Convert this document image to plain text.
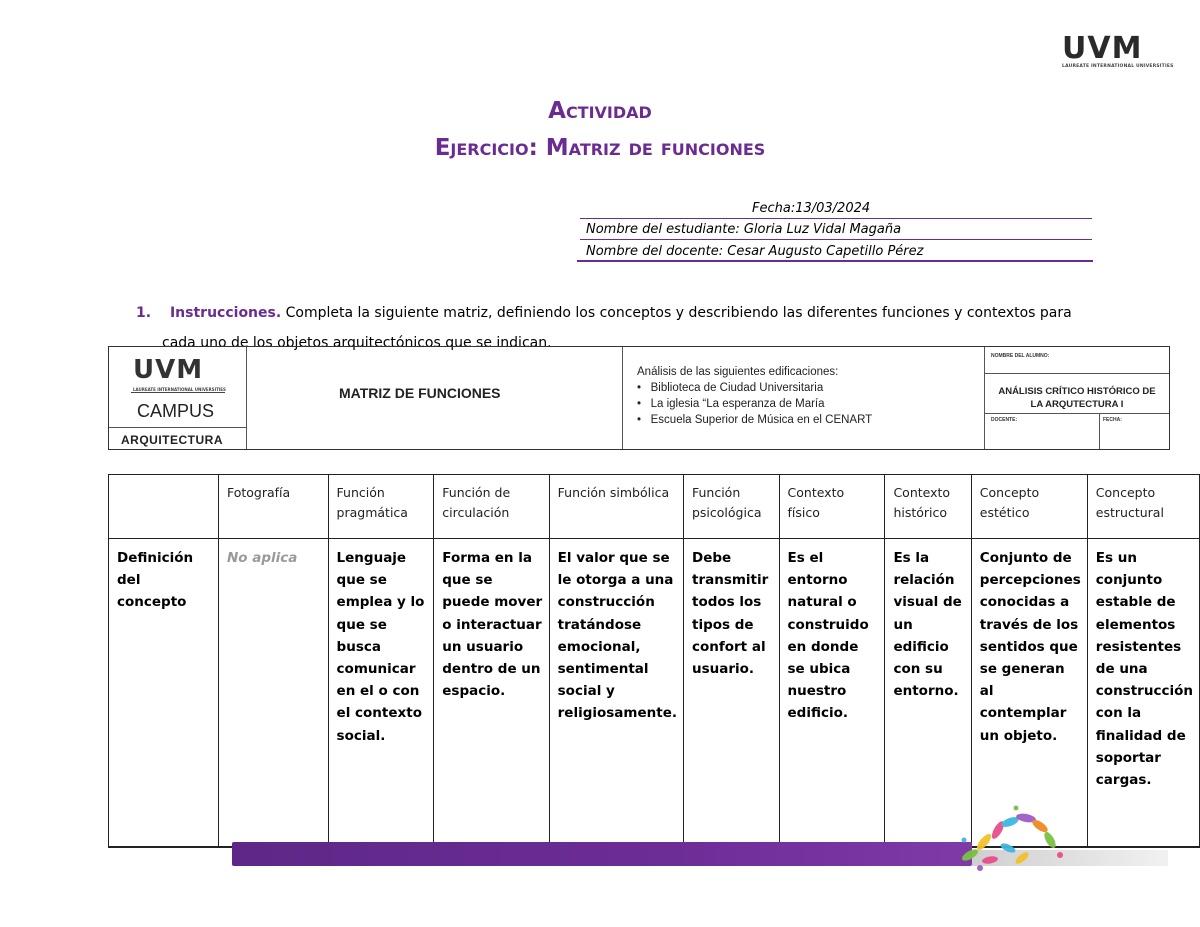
UVM
LAUREATE INTERNATIONAL UNIVERSITIES
Actividad
Ejercicio: Matriz de funciones
Fecha:13/03/2024
Nombre del estudiante: Gloria Luz Vidal Magaña
Nombre del docente: Cesar Augusto Capetillo Pérez
1. Instrucciones. Completa la siguiente matriz, definiendo los conceptos y describiendo las diferentes funciones y contextos para
cada uno de los objetos arquitectónicos que se indican.
UVM
LAUREATE INTERNATIONAL UNIVERSITIES
CAMPUS
ARQUITECTURA
MATRIZ DE FUNCIONES
Análisis de las siguientes edificaciones:
•   Biblioteca de Ciudad Universitaria
•   La iglesia “La esperanza de María
•   Escuela Superior de Música en el CENART
NOMBRE DEL ALUMNO:
ANÁLISIS CRÍTICO HISTÓRICO DE
LA ARQUTECTURA I
DOCENTE:	FECHA:
	Fotografía	Función pragmática	Función de circulación	Función simbólica	Función psicológica	Contexto físico	Contexto histórico	Concepto estético	Concepto estructural
Definición del concepto	No aplica	Lenguaje que se emplea y lo que se busca comunicar en el o con el contexto social.	Forma en la que se puede mover o interactuar un usuario dentro de un espacio.	El valor que se le otorga a una construcción tratándose emocional, sentimental social y religiosamente.	Debe transmitir todos los tipos de confort al usuario.	Es el entorno natural o construido en donde se ubica nuestro edificio.	Es la relación visual de un edificio con su entorno.	Conjunto de percepciones conocidas a través de los sentidos que se generan al contemplar un objeto.	Es un conjunto estable de elementos resistentes de una construcción con la finalidad de soportar cargas.
